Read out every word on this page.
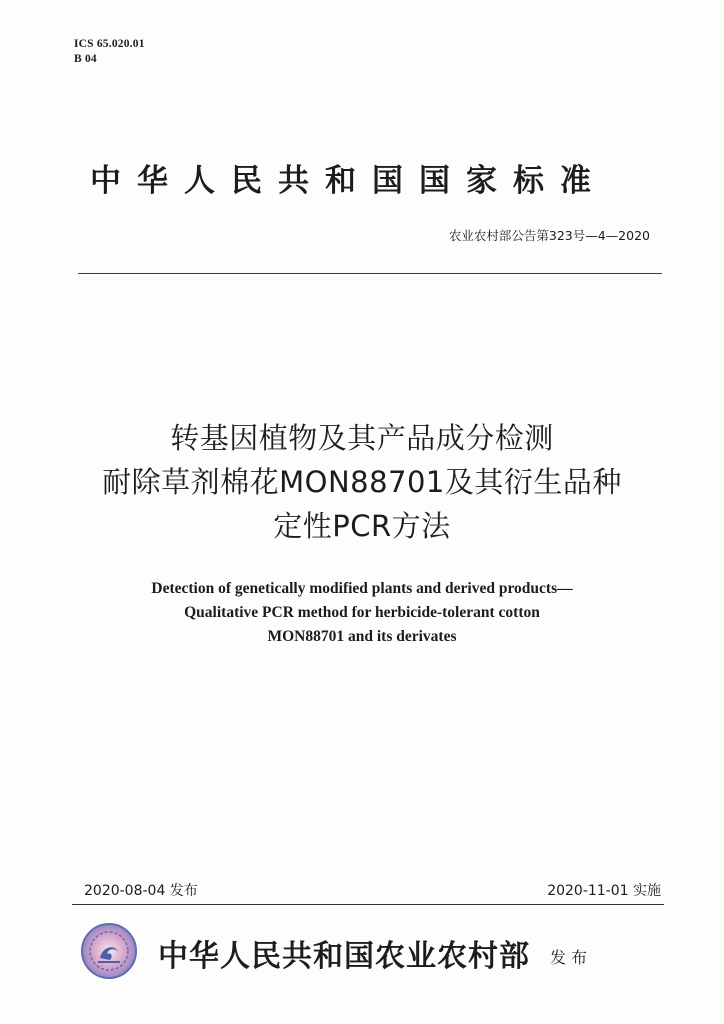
ICS 65.020.01
B 04
中华人民共和国国家标准
农业农村部公告第323号—4—2020
转基因植物及其产品成分检测
耐除草剂棉花MON88701及其衍生品种
定性PCR方法
Detection of genetically modified plants and derived products—
Qualitative PCR method for herbicide-tolerant cotton
MON88701 and its derivates
2020-08-04 发布	2020-11-01 实施
中华人民共和国农业农村部 发布
